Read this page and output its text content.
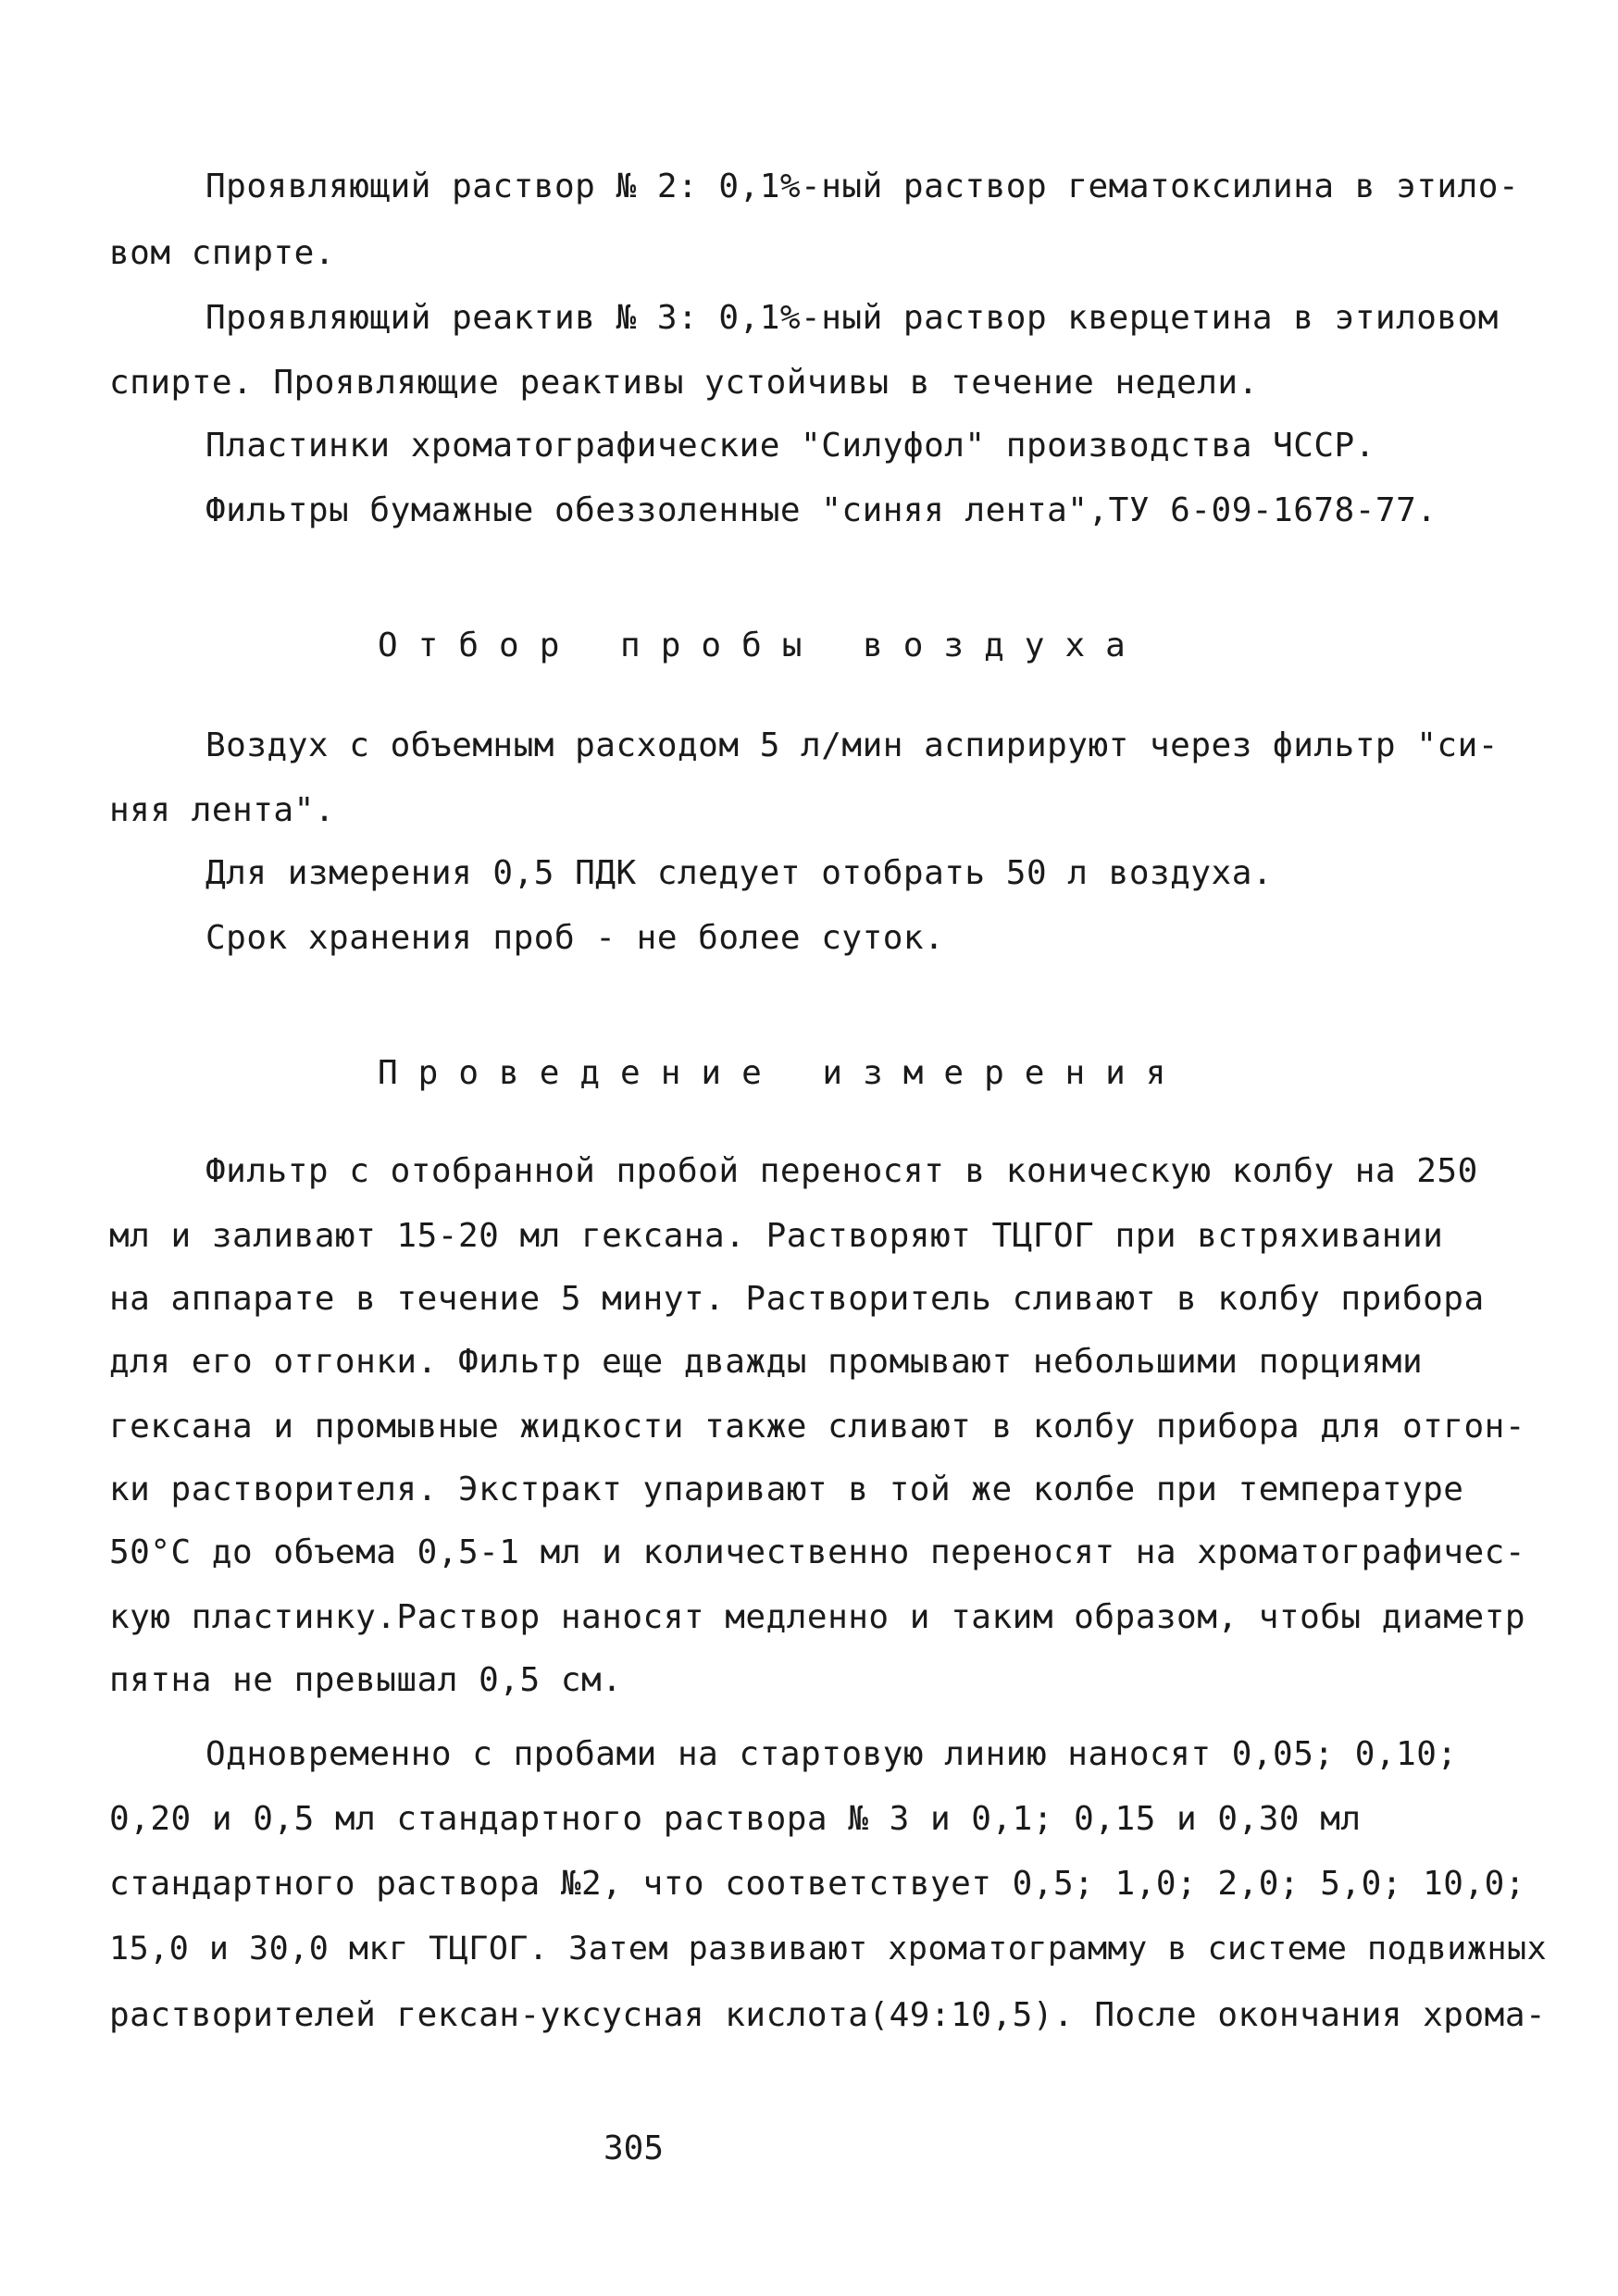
Проявляющий раствор № 2: 0,1%-ный раствор гематоксилина в этило-
вом спирте.
Проявляющий реактив № 3: 0,1%-ный раствор кверцетина в этиловом
спирте. Проявляющие реактивы устойчивы в течение недели.
Пластинки хроматографические "Силуфол" производства ЧССР.
Фильтры бумажные обеззоленные "синяя лента",ТУ 6-09-1678-77.
Отбор пробы воздуха
Воздух с объемным расходом 5 л/мин аспирируют через фильтр "си-
няя лента".
Для измерения 0,5 ПДК следует отобрать 50 л воздуха.
Срок хранения проб - не более суток.
Проведение измерения
Фильтр с отобранной пробой переносят в коническую колбу на 250
мл и заливают 15-20 мл гексана. Растворяют ТЦГОГ при встряхивании
на аппарате в течение 5 минут. Растворитель сливают в колбу прибора
для его отгонки. Фильтр еще дважды промывают небольшими порциями
гексана и промывные жидкости также сливают в колбу прибора для отгон-
ки растворителя. Экстракт упаривают в той же колбе при температуре
50°С до объема 0,5-1 мл и количественно переносят на хроматографичес-
кую пластинку.Раствор наносят медленно и таким образом, чтобы диаметр
пятна не превышал 0,5 см.
Одновременно с пробами на стартовую линию наносят 0,05; 0,10;
0,20 и 0,5 мл стандартного раствора № 3 и 0,1; 0,15 и 0,30 мл
стандартного раствора №2, что соответствует 0,5; 1,0; 2,0; 5,0; 10,0;
15,0 и 30,0 мкг ТЦГОГ. Затем развивают хроматограмму в системе подвижных
растворителей гексан-уксусная кислота(49:10,5). После окончания хрома-
305
